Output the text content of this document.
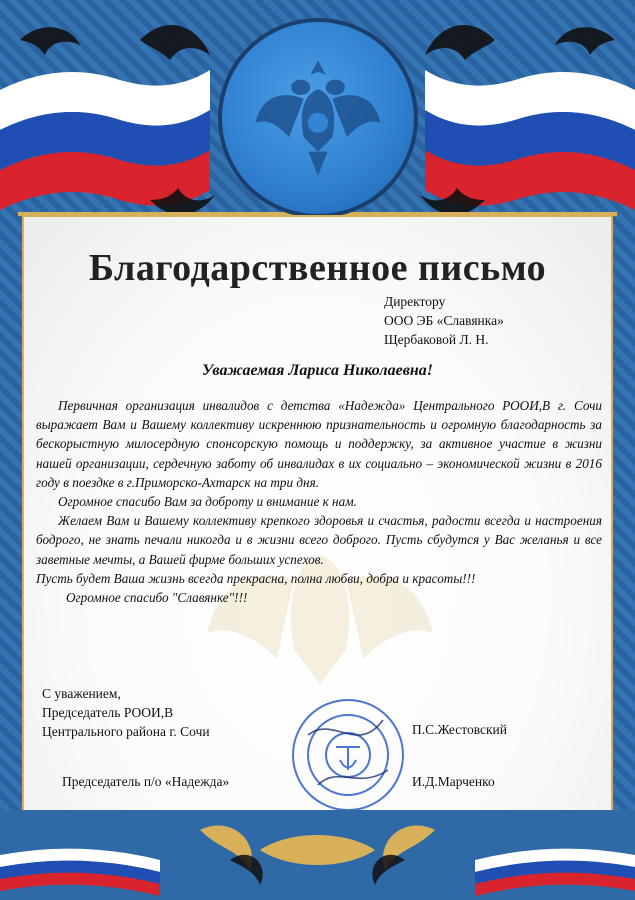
Благодарственное письмо
Директору
ООО ЭБ «Славянка»
Щербаковой Л. Н.
Уважаемая Лариса Николаевна!

Первичная организация инвалидов с детства «Надежда» Центрального РООИ,В г. Сочи выражает Вам и Вашему коллективу искреннюю признательность и огромную благодарность за бескорыстную милосердную спонсорскую помощь и поддержку, за активное участие в жизни нашей организации, сердечную заботу об инвалидах в их социально – экономической жизни в 2016 году в поездке в г.Приморско-Ахтарск на три дня.

Огромное спасибо Вам за доброту и внимание к нам.

Желаем Вам и Вашему коллективу крепкого здоровья и счастья, радости всегда и настроения бодрого, не знать печали никогда и в жизни всего доброго. Пусть сбудутся у Вас желанья и все заветные мечты, а Вашей фирме больших успехов.

Пусть будет Ваша жизнь всегда прекрасна, полна любви, добра и красоты!!!

Огромное спасибо "Славянке"!!!

С уважением,
Председатель РООИ,В
Центрального района г. Сочи	П.С.Жестовский
Председатель п/о «Надежда»	И.Д.Марченко
